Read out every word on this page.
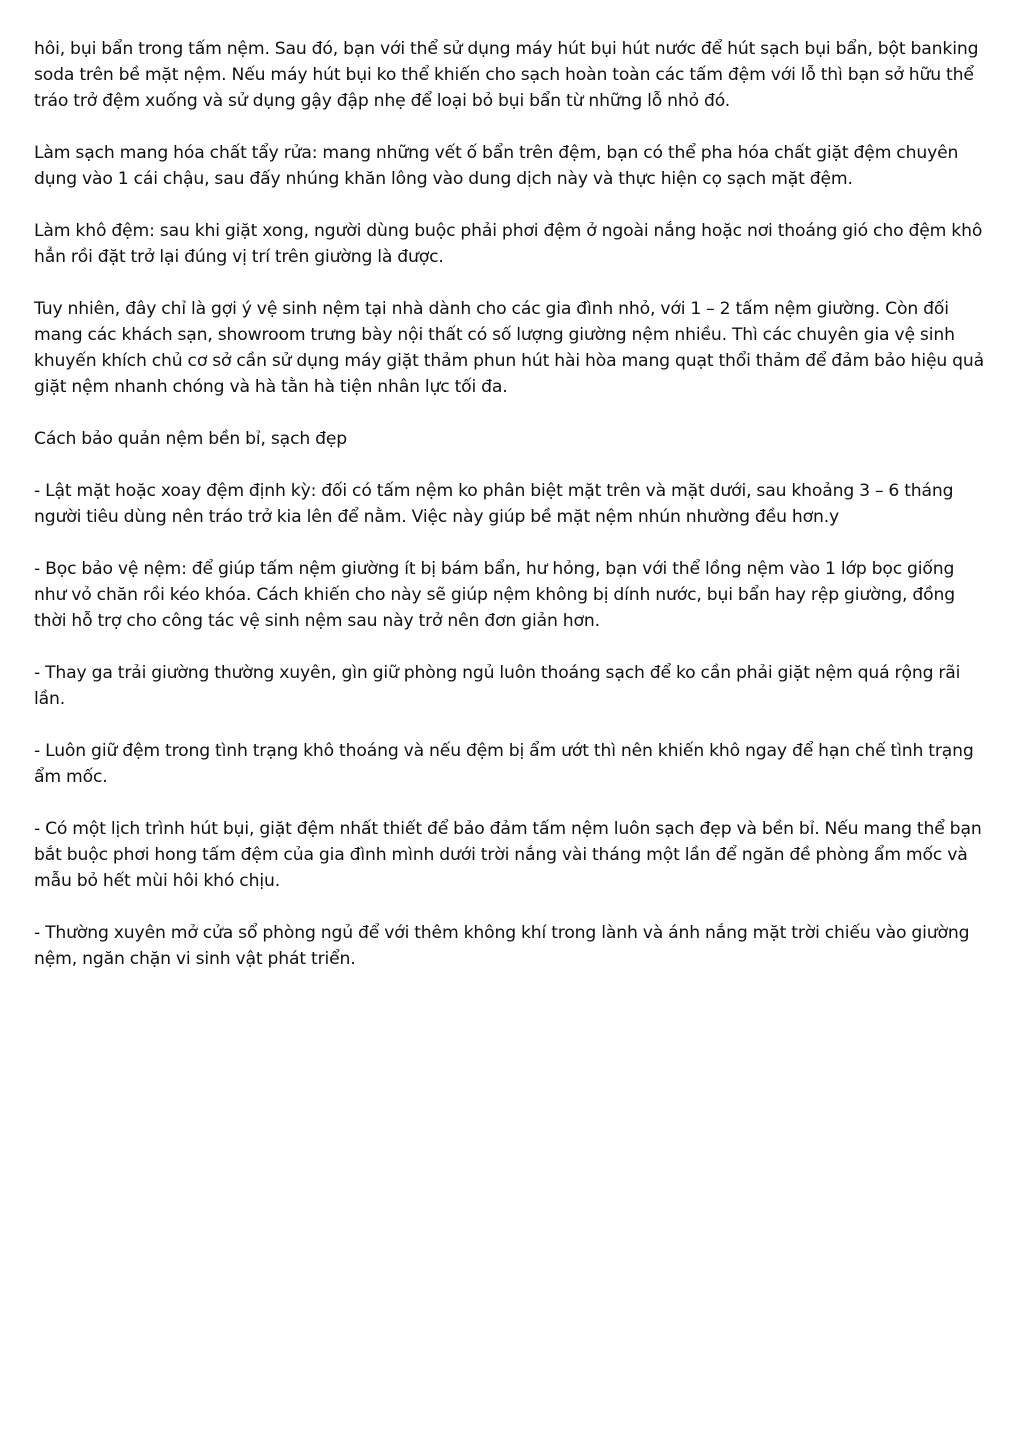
hôi, bụi bẩn trong tấm nệm. Sau đó, bạn với thể sử dụng máy hút bụi hút nước để hút sạch bụi bẩn, bột banking soda trên bề mặt nệm. Nếu máy hút bụi ko thể khiến cho sạch hoàn toàn các tấm đệm với lỗ thì bạn sở hữu thể tráo trở đệm xuống và sử dụng gậy đập nhẹ để loại bỏ bụi bẩn từ những lỗ nhỏ đó.

Làm sạch mang hóa chất tẩy rửa: mang những vết ố bẩn trên đệm, bạn có thể pha hóa chất giặt đệm chuyên dụng vào 1 cái chậu, sau đấy nhúng khăn lông vào dung dịch này và thực hiện cọ sạch mặt đệm.

Làm khô đệm: sau khi giặt xong, người dùng buộc phải phơi đệm ở ngoài nắng hoặc nơi thoáng gió cho đệm khô hẳn rồi đặt trở lại đúng vị trí trên giường là được.

Tuy nhiên, đây chỉ là gợi ý vệ sinh nệm tại nhà dành cho các gia đình nhỏ, với 1 – 2 tấm nệm giường. Còn đối mang các khách sạn, showroom trưng bày nội thất có số lượng giường nệm nhiều. Thì các chuyên gia vệ sinh khuyến khích chủ cơ sở cần sử dụng máy giặt thảm phun hút hài hòa mang quạt thổi thảm để đảm bảo hiệu quả giặt nệm nhanh chóng và hà tằn hà tiện nhân lực tối đa.

Cách bảo quản nệm bền bỉ, sạch đẹp

- Lật mặt hoặc xoay đệm định kỳ: đối có tấm nệm ko phân biệt mặt trên và mặt dưới, sau khoảng 3 – 6 tháng người tiêu dùng nên tráo trở kia lên để nằm. Việc này giúp bề mặt nệm nhún nhường đều hơn.y

- Bọc bảo vệ nệm: để giúp tấm nệm giường ít bị bám bẩn, hư hỏng, bạn với thể lồng nệm vào 1 lớp bọc giống như vỏ chăn rồi kéo khóa. Cách khiến cho này sẽ giúp nệm không bị dính nước, bụi bẩn hay rệp giường, đồng thời hỗ trợ cho công tác vệ sinh nệm sau này trở nên đơn giản hơn.

- Thay ga trải giường thường xuyên, gìn giữ phòng ngủ luôn thoáng sạch để ko cần phải giặt nệm quá rộng rãi lần.

- Luôn giữ đệm trong tình trạng khô thoáng và nếu đệm bị ẩm ướt thì nên khiến khô ngay để hạn chế tình trạng ẩm mốc.

- Có một lịch trình hút bụi, giặt đệm nhất thiết để bảo đảm tấm nệm luôn sạch đẹp và bền bỉ. Nếu mang thể bạn bắt buộc phơi hong tấm đệm của gia đình mình dưới trời nắng vài tháng một lần để ngăn đề phòng ẩm mốc và mẫu bỏ hết mùi hôi khó chịu.

- Thường xuyên mở cửa sổ phòng ngủ để với thêm không khí trong lành và ánh nắng mặt trời chiếu vào giường nệm, ngăn chặn vi sinh vật phát triển.
